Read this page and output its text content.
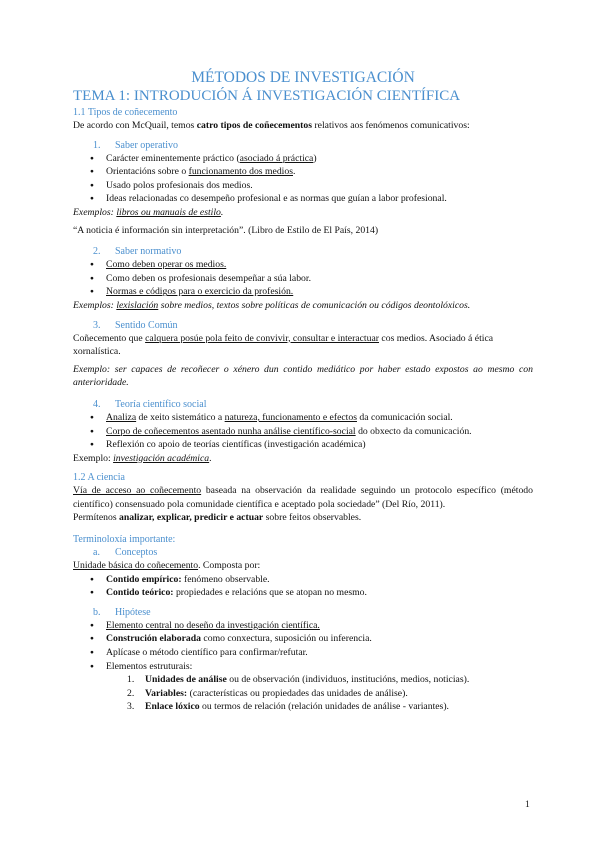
MÉTODOS DE INVESTIGACIÓN
TEMA 1: INTRODUCIÓN Á INVESTIGACIÓN CIENTÍFICA
1.1 Tipos de coñecemento

De acordo con McQuail, temos catro tipos de coñecementos relativos aos fenómenos comunicativos:

1. Saber operativo
● Carácter eminentemente práctico (asociado á práctica)
● Orientacións sobre o funcionamento dos medios.
● Usado polos profesionais dos medios.
● Ideas relacionadas co desempeño profesional e as normas que guían a labor profesional.

Exemplos: libros ou manuais de estilo.

“A noticia é información sin interpretación”. (Libro de Estilo de El País, 2014)

2. Saber normativo
● Como deben operar os medios.
● Como deben os profesionais desempeñar a súa labor.
● Normas e códigos para o exercicio da profesión.

Exemplos: lexislación sobre medios, textos sobre políticas de comunicación ou códigos deontolóxicos.

3. Sentido Común

Coñecemento que calquera posúe pola feito de convivir, consultar e interactuar cos medios. Asociado á ética xornalística.

Exemplo: ser capaces de recoñecer o xénero dun contido mediático por haber estado expostos ao mesmo con anterioridade.

4. Teoría científico social
● Analiza de xeito sistemático a natureza, funcionamento e efectos da comunicación social.
● Corpo de coñecementos asentado nunha análise científico-social do obxecto da comunicación.
● Reflexión co apoio de teorías científicas (investigación académica)

Exemplo: investigación académica.

1.2 A ciencia

Vía de acceso ao coñecemento baseada na observación da realidade seguindo un protocolo específico (método científico) consensuado pola comunidade científica e aceptado pola sociedade” (Del Río, 2011).

Permítenos analizar, explicar, predicir e actuar sobre feitos observables.

Terminoloxía importante:
a. Conceptos

Unidade básica do coñecemento. Composta por:

● Contido empírico: fenómeno observable.
● Contido teórico: propiedades e relacións que se atopan no mesmo.
b. Hipótese
● Elemento central no deseño da investigación científica.
● Construción elaborada como conxectura, suposición ou inferencia.
● Aplícase o método científico para confirmar/refutar.
● Elementos estruturais:
1. Unidades de análise ou de observación (individuos, institucións, medios, noticias).
2. Variables: (características ou propiedades das unidades de análise).
3. Enlace lóxico ou termos de relación (relación unidades de análise - variantes).
1
